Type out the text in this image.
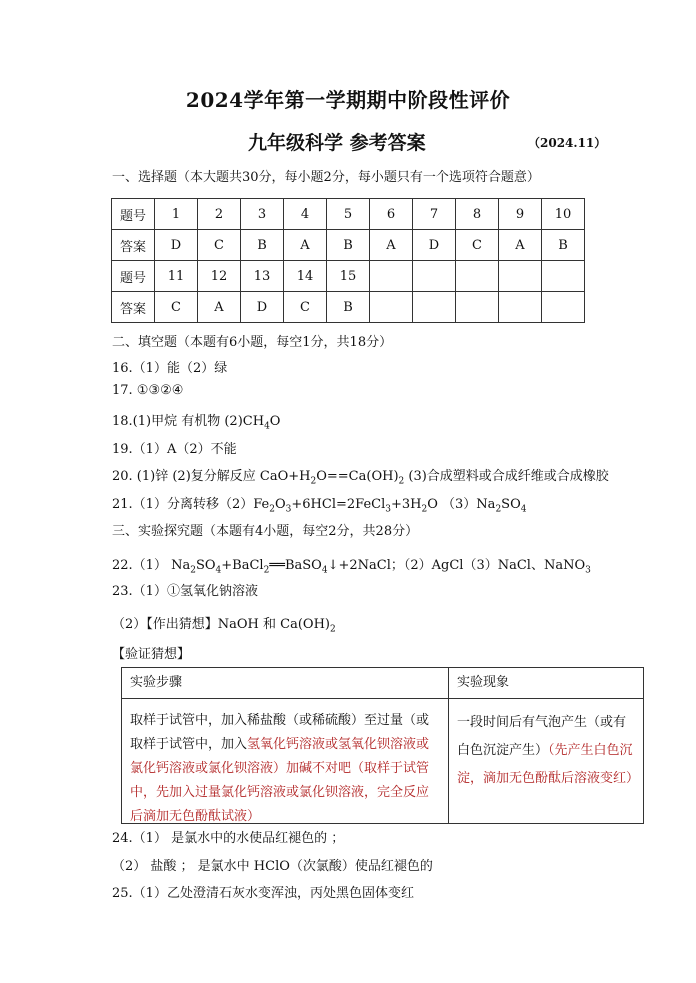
2024学年第一学期期中阶段性评价
九年级科学 参考答案	（2024.11）
一、选择题（本大题共30分，每小题2分，每小题只有一个选项符合题意）
题号	1	2	3	4	5	6	7	8	9	10
答案	D	C	B	A	B	A	D	C	A	B
题号	11	12	13	14	15					
答案	C	A	D	C	B					
二、填空题（本题有6小题，每空1分，共18分）
16.（1）能（2）绿
17. ①③②④
18.(1)甲烷 有机物 $(2)CH_4O$
19.（1）A（2）不能
20. (1)锌 (2)复分解反应 $CaO+H_2O==Ca(OH)_2$ (3)合成塑料或合成纤维或合成橡胶
21.（1）分离转移$(2)Fe_2O_3+6HCl=2FeCl_3+3H_2O$ $(3)Na_2SO_4$
三、实验探究题（本题有4小题，每空2分，共28分）
22.（1） $Na_2SO_4+BaCl_2══BaSO_4↓+2NaCl$；（2）AgCl（3）NaCl、NaNO$_3$
23.（1）①氢氧化钠溶液
（2）【作出猜想】NaOH 和 $Ca(OH)_2$
【验证猜想】
实验步骤	实验现象

取样于试管中，加入稀盐酸（或稀硫酸）至过量（或取样于试管中，加入氢氧化钙溶液或氢氧化钡溶液或氯化钙溶液或氯化钡溶液）加碱不对吧（取样于试管中，先加入过量氯化钙溶液或氯化钡溶液，完全反应后滴加无色酚酞试液）	一段时间后有气泡产生（或有白色沉淀产生）（先产生白色沉淀，滴加无色酚酞后溶液变红）
24.（1） 是氯水中的水使品红褪色的 ；
（2） 盐酸 ； 是氯水中 HClO（次氯酸）使品红褪色的
25.（1）乙处澄清石灰水变浑浊，丙处黑色固体变红
